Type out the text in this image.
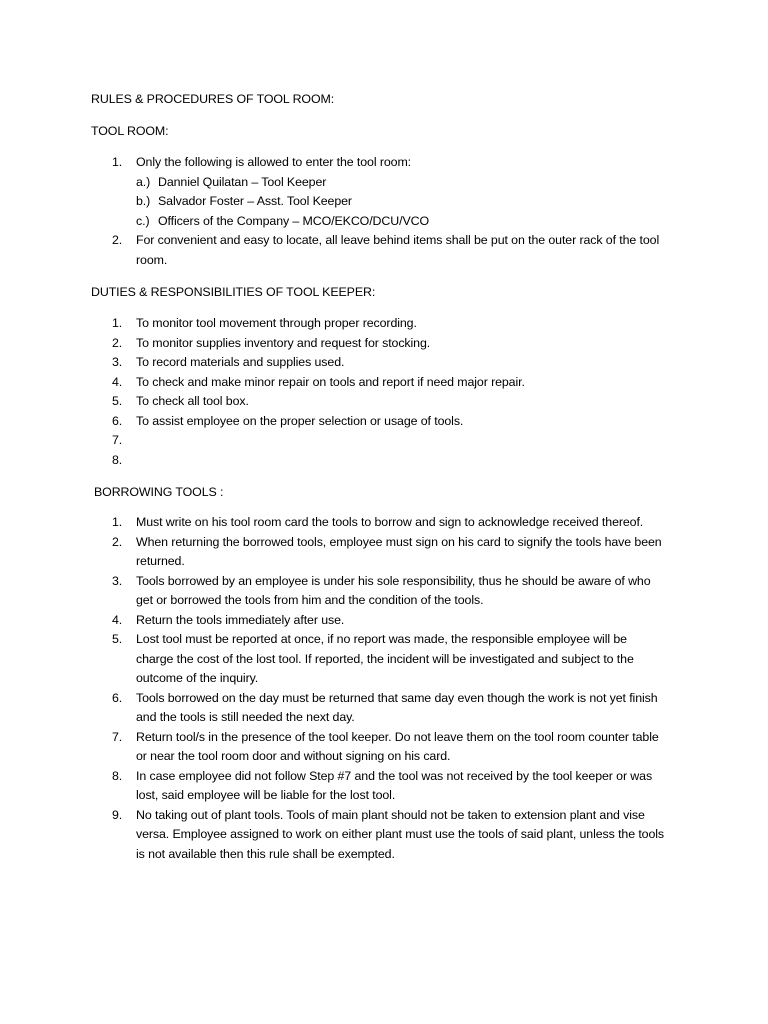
RULES & PROCEDURES OF TOOL ROOM:
TOOL ROOM:
1.	Only the following is allowed to enter the tool room:
a.) Danniel Quilatan – Tool Keeper
b.) Salvador Foster – Asst. Tool Keeper
c.) Officers of the Company – MCO/EKCO/DCU/VCO
2.	For convenient and easy to locate, all leave behind items shall be put on the outer rack of the tool room.
DUTIES & RESPONSIBILITIES OF TOOL KEEPER:
1.	To monitor tool movement through proper recording.
2.	To monitor supplies inventory and request for stocking.
3.	To record materials and supplies used.
4.	To check and make minor repair on tools and report if need major repair.
5.	To check all tool box.
6.	To assist employee on the proper selection or usage of tools.
7.
8.
BORROWING TOOLS :
1.	Must write on his tool room card the tools to borrow and sign to acknowledge received thereof.
2.	When returning the borrowed tools, employee must sign on his card to signify the tools have been returned.
3.	Tools borrowed by an employee is under his sole responsibility, thus he should be aware of who get or borrowed the tools from him and the condition of the tools.
4.	Return the tools immediately after use.
5.	Lost tool must be reported at once, if no report was made, the responsible employee will be charge the cost of the lost tool. If reported, the incident will be investigated and subject to the outcome of the inquiry.
6.	Tools borrowed on the day must be returned that same day even though the work is not yet finish and the tools is still needed the next day.
7.	Return tool/s in the presence of the tool keeper. Do not leave them on the tool room counter table or near the tool room door and without signing on his card.
8.	In case employee did not follow Step #7 and the tool was not received by the tool keeper or was lost, said employee will be liable for the lost tool.
9.	No taking out of plant tools. Tools of main plant should not be taken to extension plant and vise versa. Employee assigned to work on either plant must use the tools of said plant, unless the tools is not available then this rule shall be exempted.
